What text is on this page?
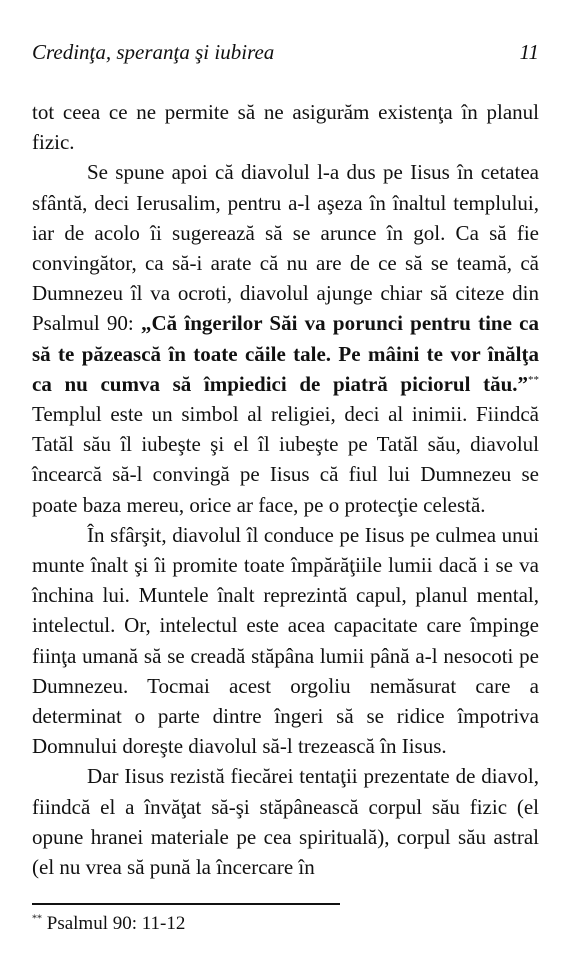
Credinţa, speranţa şi iubirea	11

tot ceea ce ne permite să ne asigurăm existenţa în planul fizic.

Se spune apoi că diavolul l-a dus pe Iisus în cetatea sfântă, deci Ierusalim, pentru a-l aşeza în înaltul templului, iar de acolo îi sugerează să se arunce în gol. Ca să fie convingător, ca să-i arate că nu are de ce să se teamă, că Dumnezeu îl va ocroti, diavolul ajunge chiar să citeze din Psalmul 90: „Că îngerilor Săi va porunci pentru tine ca să te păzească în toate căile tale. Pe mâini te vor înălţa ca nu cumva să împiedici de piatră piciorul tău.”** Templul este un simbol al religiei, deci al inimii. Fiindcă Tatăl său îl iubeşte şi el îl iubeşte pe Tatăl său, diavolul încearcă să-l convingă pe Iisus că fiul lui Dumnezeu se poate baza mereu, orice ar face, pe o protecţie celestă.

În sfârşit, diavolul îl conduce pe Iisus pe culmea unui munte înalt şi îi promite toate împărăţiile lumii dacă i se va închina lui. Muntele înalt reprezintă capul, planul mental, intelectul. Or, intelectul este acea capacitate care împinge fiinţa umană să se creadă stăpâna lumii până a-l nesocoti pe Dumnezeu. Tocmai acest orgoliu nemăsurat care a determinat o parte dintre îngeri să se ridice împotriva Domnului doreşte diavolul să-l trezească în Iisus.

Dar Iisus rezistă fiecărei tentaţii prezentate de diavol, fiindcă el a învăţat să-şi stăpânească corpul său fizic (el opune hranei materiale pe cea spirituală), corpul său astral (el nu vrea să pună la încercare în

** Psalmul 90: 11-12
